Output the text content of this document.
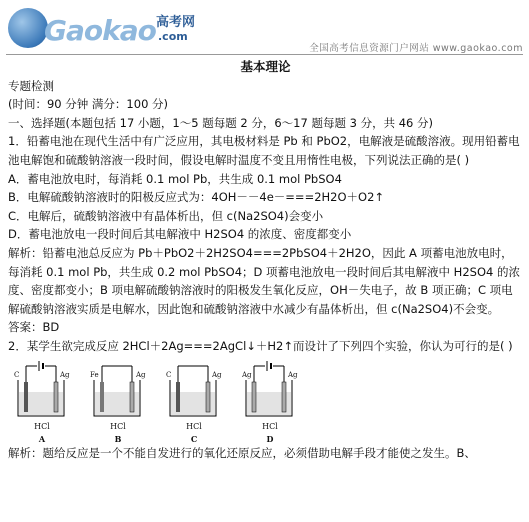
Gaokao 高考网
.com
全国高考信息资源门户网站 www.gaokao.com
基本理论

专题检测

(时间：90 分钟 满分：100 分)

一、选择题(本题包括 17 小题，1～5 题每题 2 分，6～17 题每题 3 分，共 46 分)

1．铅蓄电池在现代生活中有广泛应用，其电极材料是 Pb 和 PbO2，电解液是硫酸溶液。现用铅蓄电池电解饱和硫酸钠溶液一段时间，假设电解时温度不变且用惰性电极，下列说法正确的是( )

A．蓄电池放电时，每消耗 0.1 mol Pb，共生成 0.1 mol PbSO4

B．电解硫酸钠溶液时的阳极反应式为：4OH－－4e－===2H2O＋O2↑

C．电解后，硫酸钠溶液中有晶体析出，但 c(Na2SO4)会变小

D．蓄电池放电一段时间后其电解液中 H2SO4 的浓度、密度都变小

解析：铅蓄电池总反应为 Pb＋PbO2＋2H2SO4===2PbSO4＋2H2O，因此 A 项蓄电池放电时，每消耗 0.1 mol Pb，共生成 0.2 mol PbSO4；D 项蓄电池放电一段时间后其电解液中 H2SO4 的浓度、密度都变小；B 项电解硫酸钠溶液时的阳极发生氧化反应，OH－失电子，故 B 项正确；C 项电解硫酸钠溶液实质是电解水，因此饱和硫酸钠溶液中水减少有晶体析出，但 c(Na2SO4)不会变。

答案：BD

2．某学生欲完成反应 2HCl＋2Ag===2AgCl↓＋H2↑而设计了下列四个实验，你认为可行的是( )

C	Ag
HCl
A
Fe	Ag
HCl
B
C	Ag
HCl
C
Ag	Ag
HCl
D

解析：题给反应是一个不能自发进行的氧化还原反应，必须借助电解手段才能使之发生。B、
